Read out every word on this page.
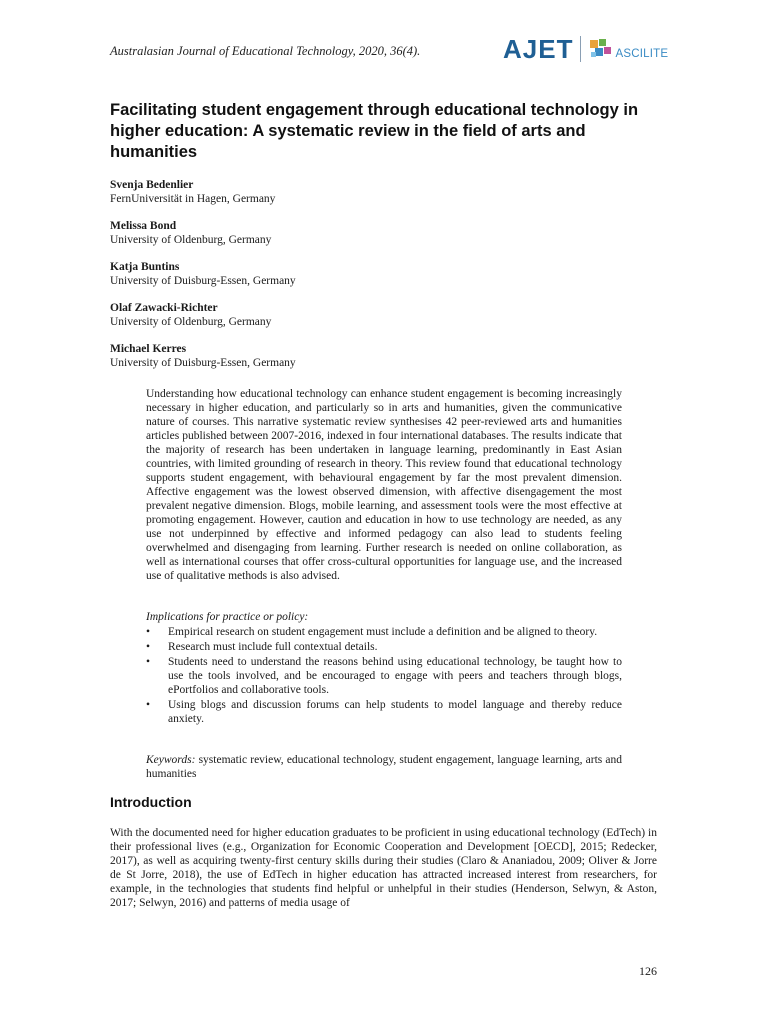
Australasian Journal of Educational Technology, 2020, 36(4).	AJET	ASCILITE
Facilitating student engagement through educational technology in higher education: A systematic review in the field of arts and humanities
Svenja Bedenlier
FernUniversität in Hagen, Germany
Melissa Bond
University of Oldenburg, Germany
Katja Buntins
University of Duisburg-Essen, Germany
Olaf Zawacki-Richter
University of Oldenburg, Germany
Michael Kerres
University of Duisburg-Essen, Germany

Understanding how educational technology can enhance student engagement is becoming increasingly necessary in higher education, and particularly so in arts and humanities, given the communicative nature of courses. This narrative systematic review synthesises 42 peer-reviewed arts and humanities articles published between 2007-2016, indexed in four international databases. The results indicate that the majority of research has been undertaken in language learning, predominantly in East Asian countries, with limited grounding of research in theory. This review found that educational technology supports student engagement, with behavioural engagement by far the most prevalent dimension. Affective engagement was the lowest observed dimension, with affective disengagement the most prevalent negative dimension. Blogs, mobile learning, and assessment tools were the most effective at promoting engagement. However, caution and education in how to use technology are needed, as any use not underpinned by effective and informed pedagogy can also lead to students feeling overwhelmed and disengaging from learning. Further research is needed on online collaboration, as well as international courses that offer cross-cultural opportunities for language use, and the increased use of qualitative methods is also advised.

Implications for practice or policy:
• Empirical research on student engagement must include a definition and be aligned to theory.
• Research must include full contextual details.
• Students need to understand the reasons behind using educational technology, be taught how to use the tools involved, and be encouraged to engage with peers and teachers through blogs, ePortfolios and collaborative tools.
• Using blogs and discussion forums can help students to model language and thereby reduce anxiety.

Keywords: systematic review, educational technology, student engagement, language learning, arts and humanities

Introduction

With the documented need for higher education graduates to be proficient in using educational technology (EdTech) in their professional lives (e.g., Organization for Economic Cooperation and Development [OECD], 2015; Redecker, 2017), as well as acquiring twenty-first century skills during their studies (Claro & Ananiadou, 2009; Oliver & Jorre de St Jorre, 2018), the use of EdTech in higher education has attracted increased interest from researchers, for example, in the technologies that students find helpful or unhelpful in their studies (Henderson, Selwyn, & Aston, 2017; Selwyn, 2016) and patterns of media usage of

126
